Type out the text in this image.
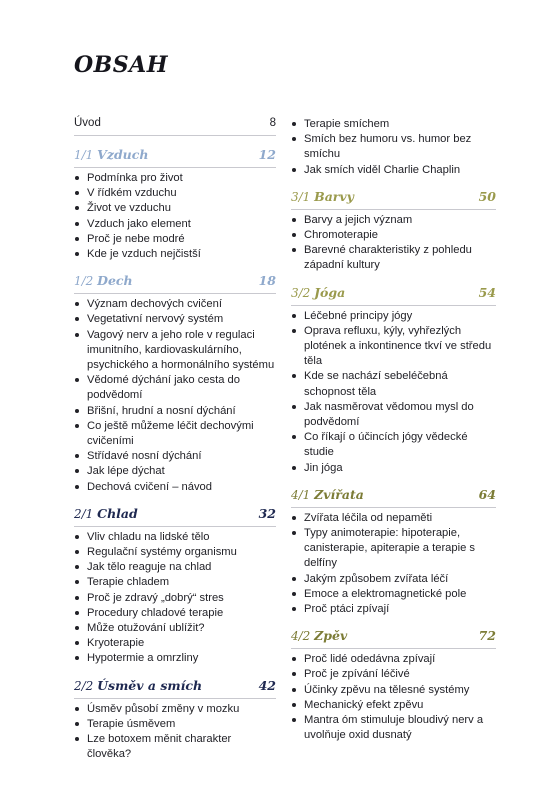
OBSAH
Úvod	8
1/1 Vzduch	12
Podmínka pro život
V řídkém vzduchu
Život ve vzduchu
Vzduch jako element
Proč je nebe modré
Kde je vzduch nejčistší
1/2 Dech	18
Význam dechových cvičení
Vegetativní nervový systém
Vagový nerv a jeho role v regulaci imunitního, kardiovaskulárního, psychického a hormonálního systému
Vědomé dýchání jako cesta do podvědomí
Břišní, hrudní a nosní dýchání
Co ještě můžeme léčit dechovými cvičeními
Střídavé nosní dýchání
Jak lépe dýchat
Dechová cvičení – návod
2/1 Chlad	32
Vliv chladu na lidské tělo
Regulační systémy organismu
Jak tělo reaguje na chlad
Terapie chladem
Proč je zdravý „dobrý“ stres
Procedury chladové terapie
Může otužování ublížit?
Kryoterapie
Hypotermie a omrzliny
2/2 Úsměv a smích	42
Úsměv působí změny v mozku
Terapie úsměvem
Lze botoxem měnit charakter člověka?
Terapie smíchem
Smích bez humoru vs. humor bez smíchu
Jak smích viděl Charlie Chaplin
3/1 Barvy	50
Barvy a jejich význam
Chromoterapie
Barevné charakteristiky z pohledu západní kultury
3/2 Jóga	54
Léčebné principy jógy
Oprava refluxu, kýly, vyhřezlých plotének a inkontinence tkví ve středu těla
Kde se nachází sebeléčebná schopnost těla
Jak nasměrovat vědomou mysl do podvědomí
Co říkají o účincích jógy vědecké studie
Jin jóga
4/1 Zvířata	64
Zvířata léčila od nepaměti
Typy animoterapie: hipoterapie, canisterapie, apiterapie a terapie s delfíny
Jakým způsobem zvířata léčí
Emoce a elektromagnetické pole
Proč ptáci zpívají
4/2 Zpěv	72
Proč lidé odedávna zpívají
Proč je zpívání léčivé
Účinky zpěvu na tělesné systémy
Mechanický efekt zpěvu
Mantra óm stimuluje bloudivý nerv a uvolňuje oxid dusnatý
